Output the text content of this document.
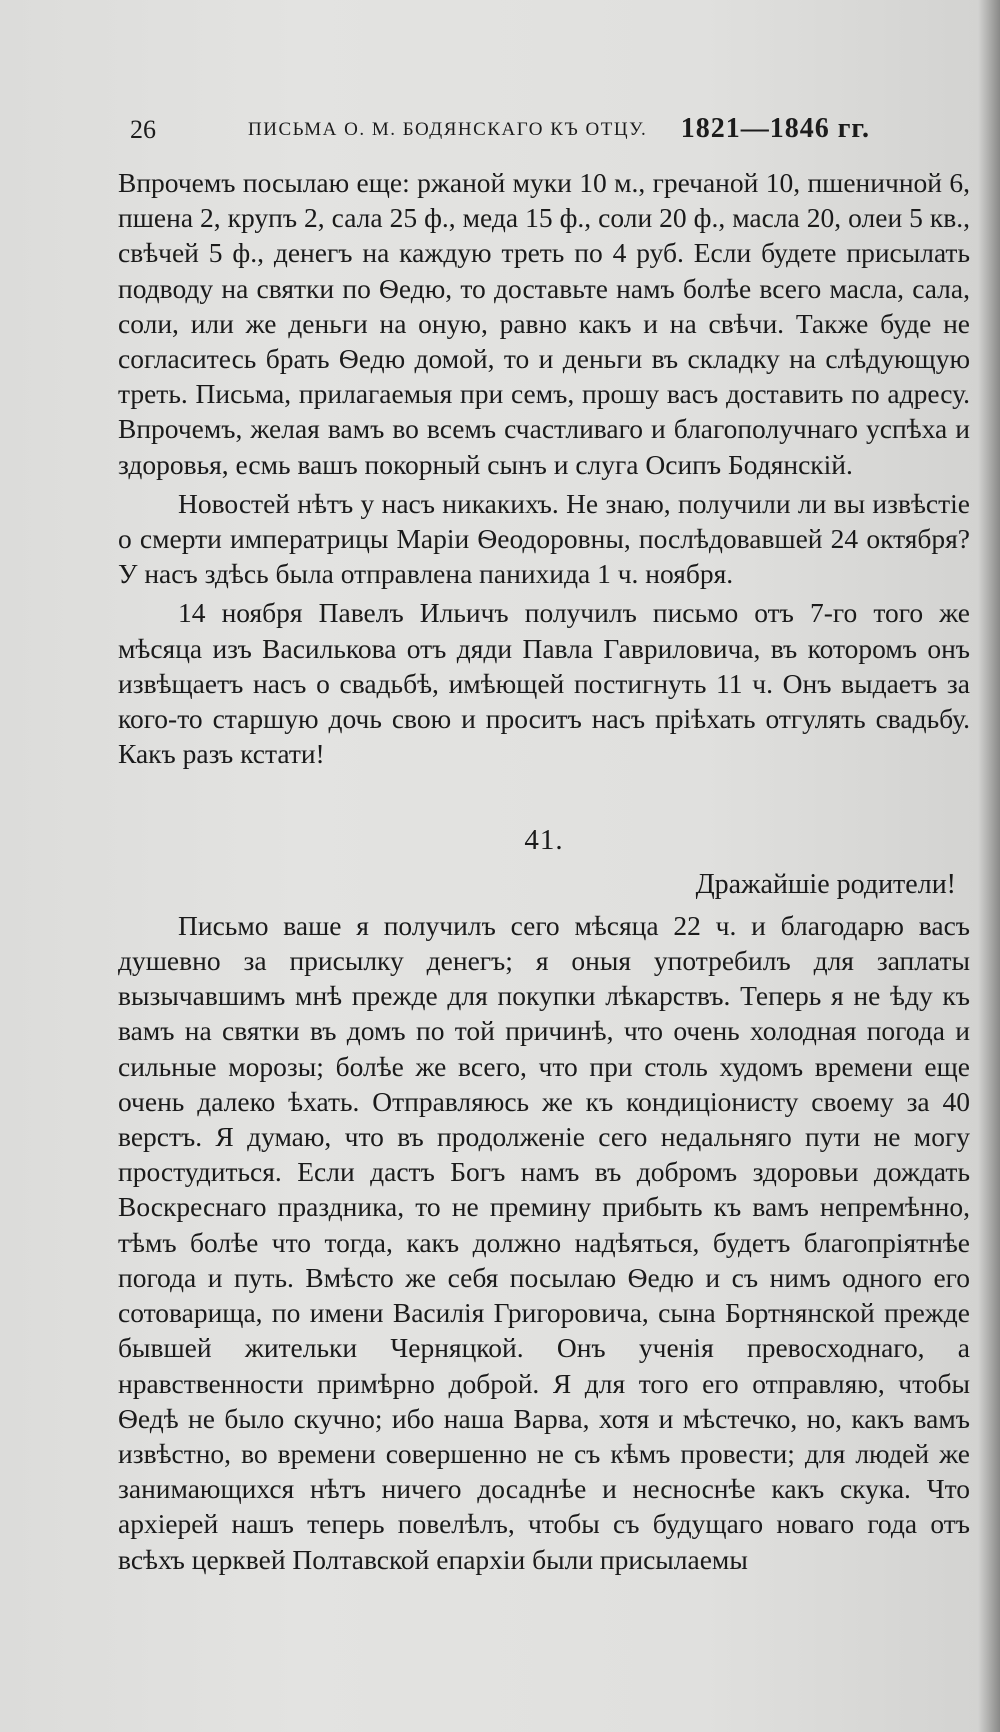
26	ПИСЬМА О. М. БОДЯНСКАГО КЪ ОТЦУ. 1821—1846 гг.

Впрочемъ посылаю еще: ржаной муки 10 м., гречаной 10, пшеничной 6, пшена 2, крупъ 2, сала 25 ф., меда 15 ф., соли 20 ф., масла 20, олеи 5 кв., свѣчей 5 ф., денегъ на каждую треть по 4 руб. Если будете присылать подводу на святки по Ѳедю, то доставьте намъ болѣе всего масла, сала, соли, или же деньги на оную, равно какъ и на свѣчи. Также буде не согласитесь брать Ѳедю домой, то и деньги въ складку на слѣдующую треть. Письма, прилагаемыя при семъ, прошу васъ доставить по адресу. Впрочемъ, желая вамъ во всемъ счастливаго и благополучнаго успѣха и здоровья, есмь вашъ покорный сынъ и слуга Осипъ Бодянскій.

Новостей нѣтъ у насъ никакихъ. Не знаю, получили ли вы извѣстіе о смерти императрицы Маріи Ѳеодоровны, послѣдовавшей 24 октября? У насъ здѣсь была отправлена панихида 1 ч. ноября.

14 ноября Павелъ Ильичъ получилъ письмо отъ 7-го того же мѣсяца изъ Василькова отъ дяди Павла Гавриловича, въ которомъ онъ извѣщаетъ насъ о свадьбѣ, имѣющей постигнуть 11 ч. Онъ выдаетъ за кого-то старшую дочь свою и проситъ насъ пріѣхать отгулять свадьбу. Какъ разъ кстати!

41.
Дражайшіе родители!

Письмо ваше я получилъ сего мѣсяца 22 ч. и благодарю васъ душевно за присылку денегъ; я оныя употребилъ для заплаты вызычавшимъ мнѣ прежде для покупки лѣкарствъ. Теперь я не ѣду къ вамъ на святки въ домъ по той причинѣ, что очень холодная погода и сильные морозы; болѣе же всего, что при столь худомъ времени еще очень далеко ѣхать. Отправляюсь же къ кондиціонисту своему за 40 верстъ. Я думаю, что въ продолженіе сего недальняго пути не могу простудиться. Если дастъ Богъ намъ въ добромъ здоровьи дождать Воскреснаго праздника, то не премину прибыть къ вамъ непремѣнно, тѣмъ болѣе что тогда, какъ должно надѣяться, будетъ благопріятнѣе погода и путь. Вмѣсто же себя посылаю Ѳедю и съ нимъ одного его сотоварища, по имени Василія Григоровича, сына Бортнянской прежде бывшей жительки Черняцкой. Онъ ученія превосходнаго, а нравственности примѣрно доброй. Я для того его отправляю, чтобы Ѳедѣ не было скучно; ибо наша Варва, хотя и мѣстечко, но, какъ вамъ извѣстно, во времени совершенно не съ кѣмъ провести; для людей же занимающихся нѣтъ ничего досаднѣе и несноснѣе какъ скука. Что архіерей нашъ теперь повелѣлъ, чтобы съ будущаго новаго года отъ всѣхъ церквей Полтавской епархіи были присылаемы
